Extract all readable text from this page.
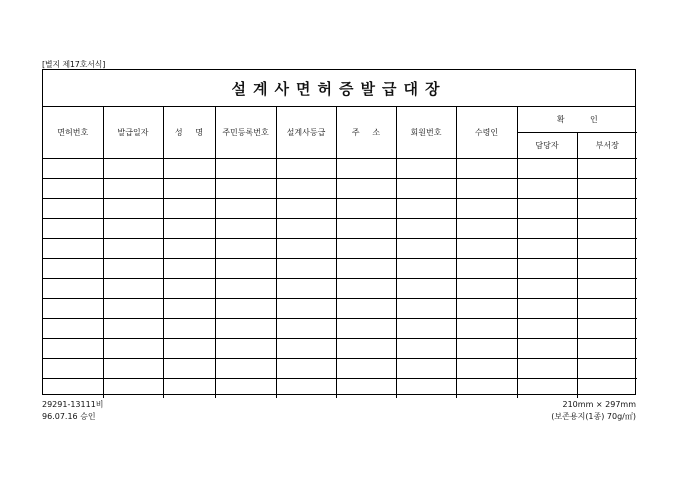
[별지 제17호서식]
설계사면허증발급대장
면허번호	발급일자	성     명	주민등록번호	설계사등급	주     소	회원번호	수령인	확          인	
								담당자	부서장

29291-13111비
96.07.16 승인
210mm × 297mm
(보존용지(1종) 70g/㎡)
